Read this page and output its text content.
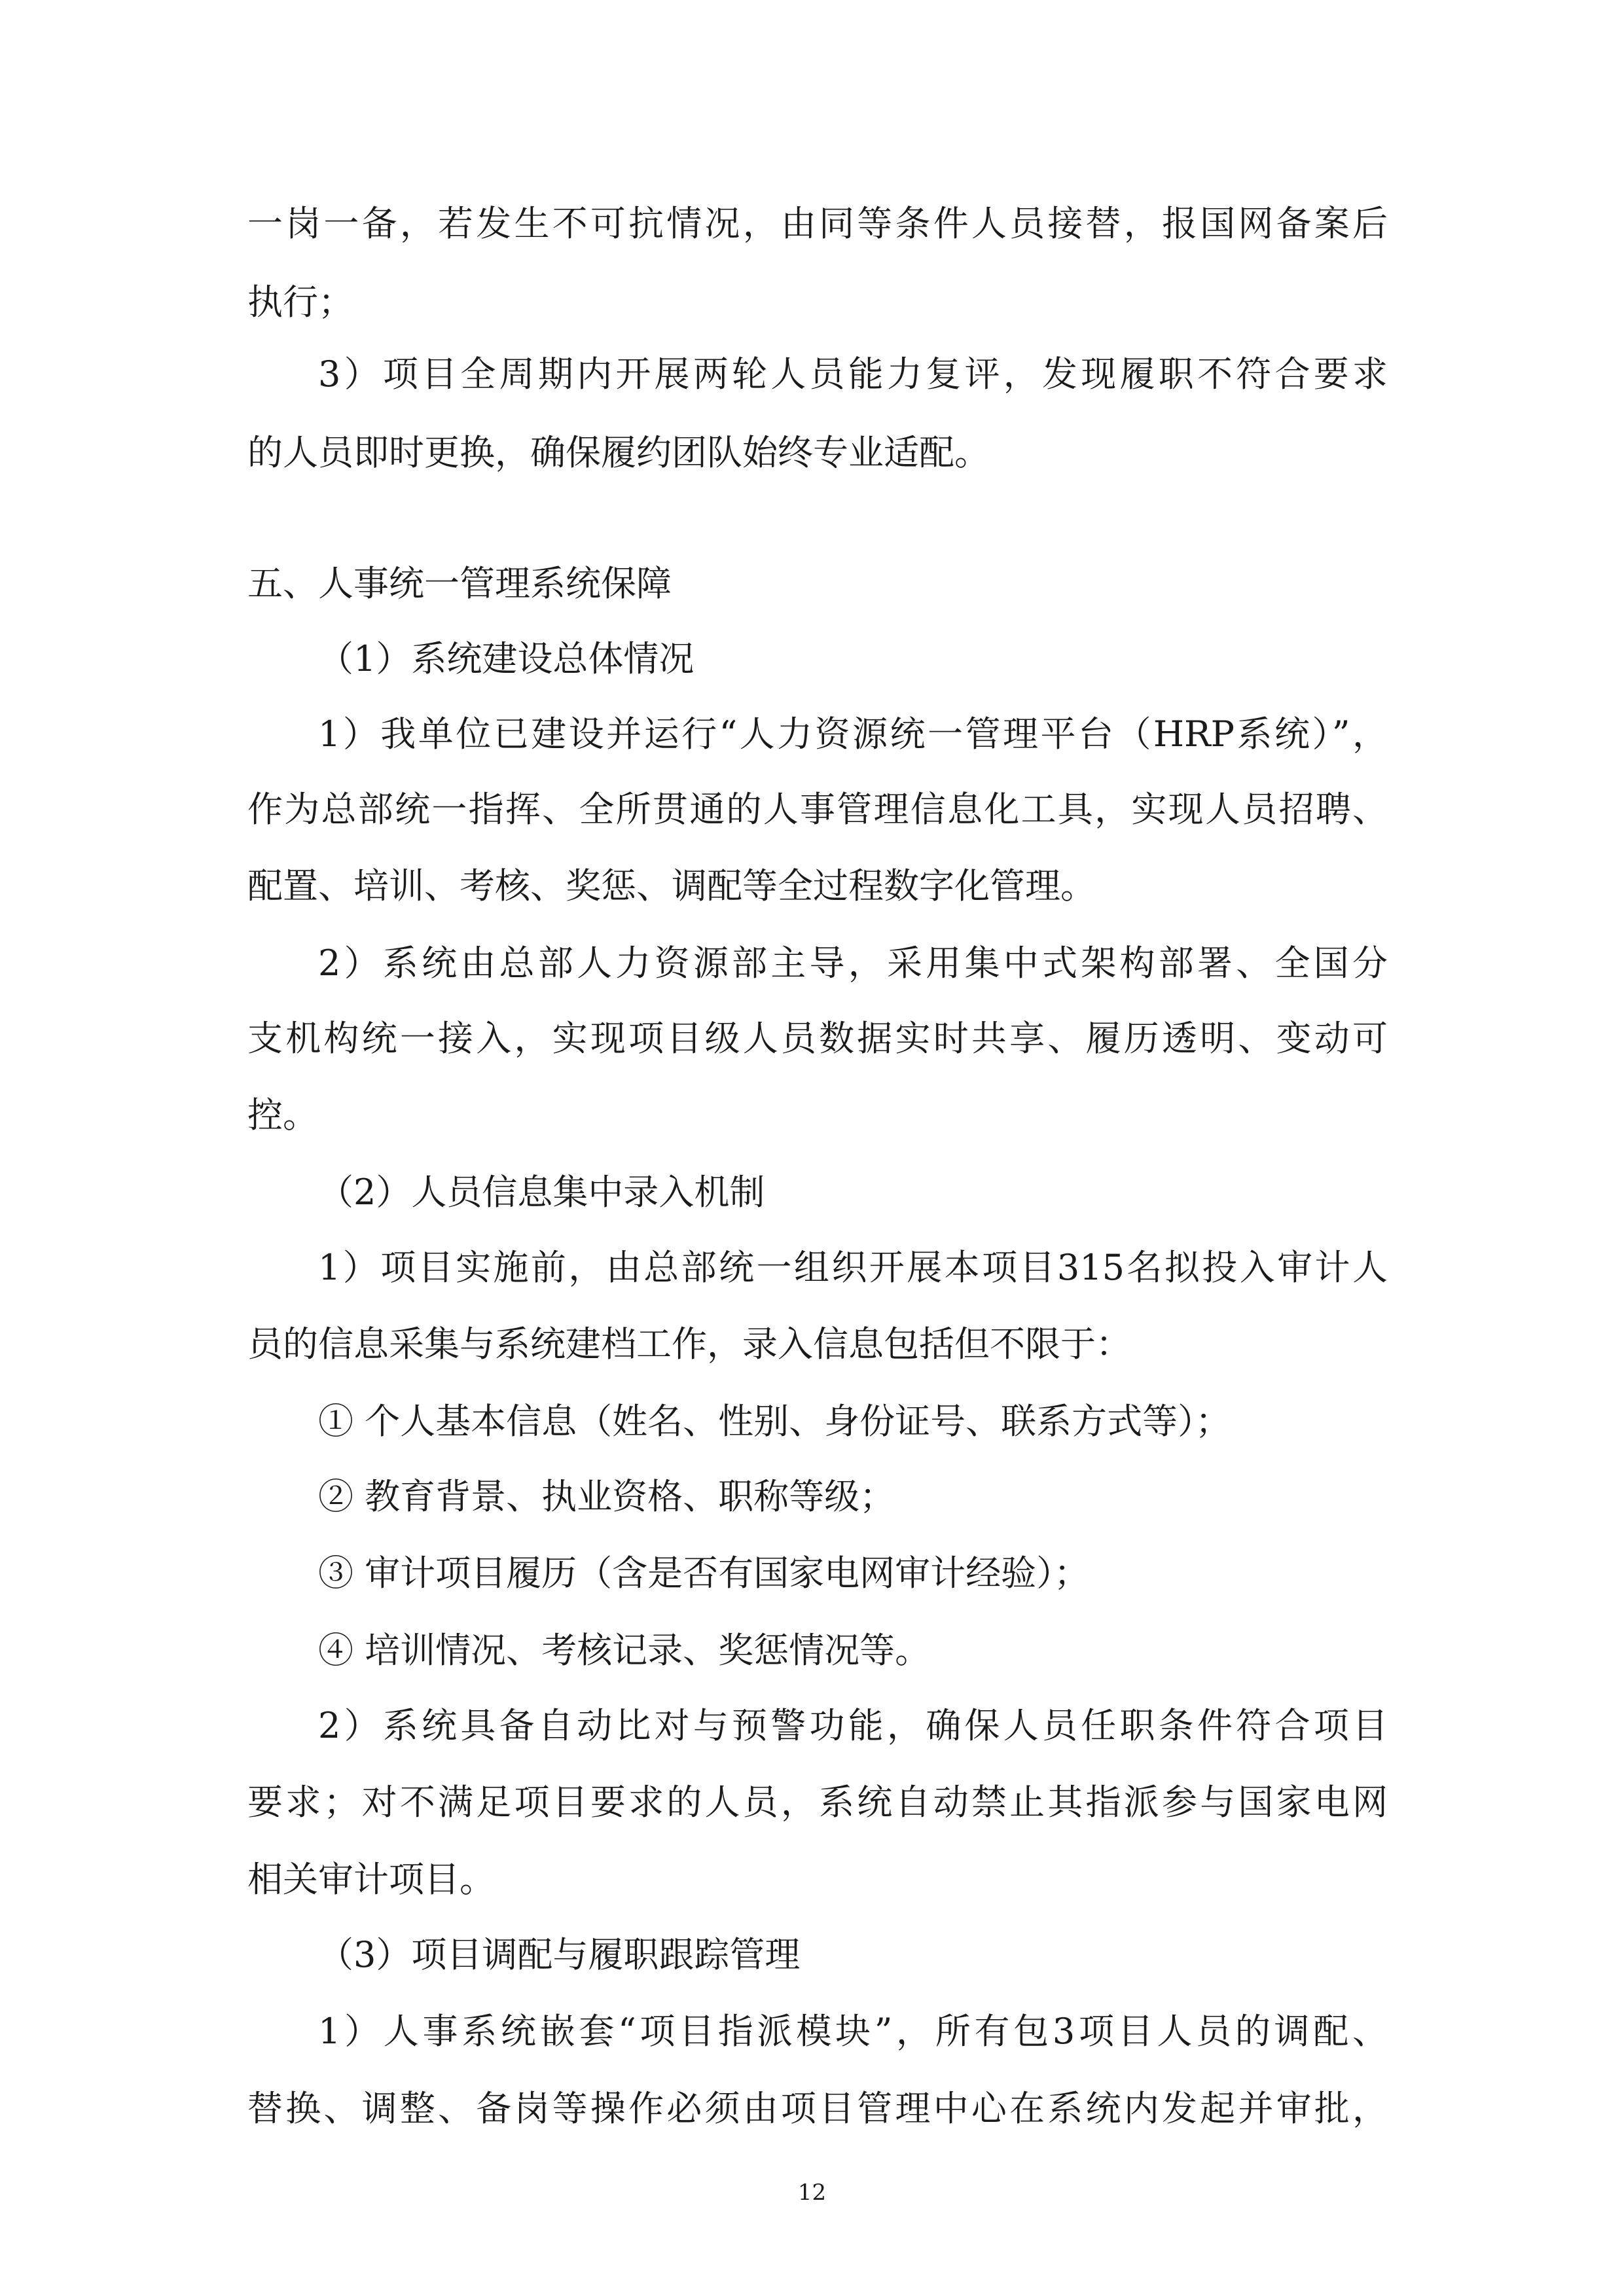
一岗一备，若发生不可抗情况，由同等条件人员接替，报国网备案后

执行；

3）项目全周期内开展两轮人员能力复评，发现履职不符合要求

的人员即时更换，确保履约团队始终专业适配。

五、人事统一管理系统保障

（1）系统建设总体情况

1）我单位已建设并运行“人力资源统一管理平台（HRP系统）”，

作为总部统一指挥、全所贯通的人事管理信息化工具，实现人员招聘、

配置、培训、考核、奖惩、调配等全过程数字化管理。

2）系统由总部人力资源部主导，采用集中式架构部署、全国分

支机构统一接入，实现项目级人员数据实时共享、履历透明、变动可

控。

（2）人员信息集中录入机制

1）项目实施前，由总部统一组织开展本项目315名拟投入审计人

员的信息采集与系统建档工作，录入信息包括但不限于：

① 个人基本信息（姓名、性别、身份证号、联系方式等）；

② 教育背景、执业资格、职称等级；

③ 审计项目履历（含是否有国家电网审计经验）；

④ 培训情况、考核记录、奖惩情况等。

2）系统具备自动比对与预警功能，确保人员任职条件符合项目

要求；对不满足项目要求的人员，系统自动禁止其指派参与国家电网

相关审计项目。

（3）项目调配与履职跟踪管理

1）人事系统嵌套“项目指派模块”，所有包3项目人员的调配、

替换、调整、备岗等操作必须由项目管理中心在系统内发起并审批，

12
